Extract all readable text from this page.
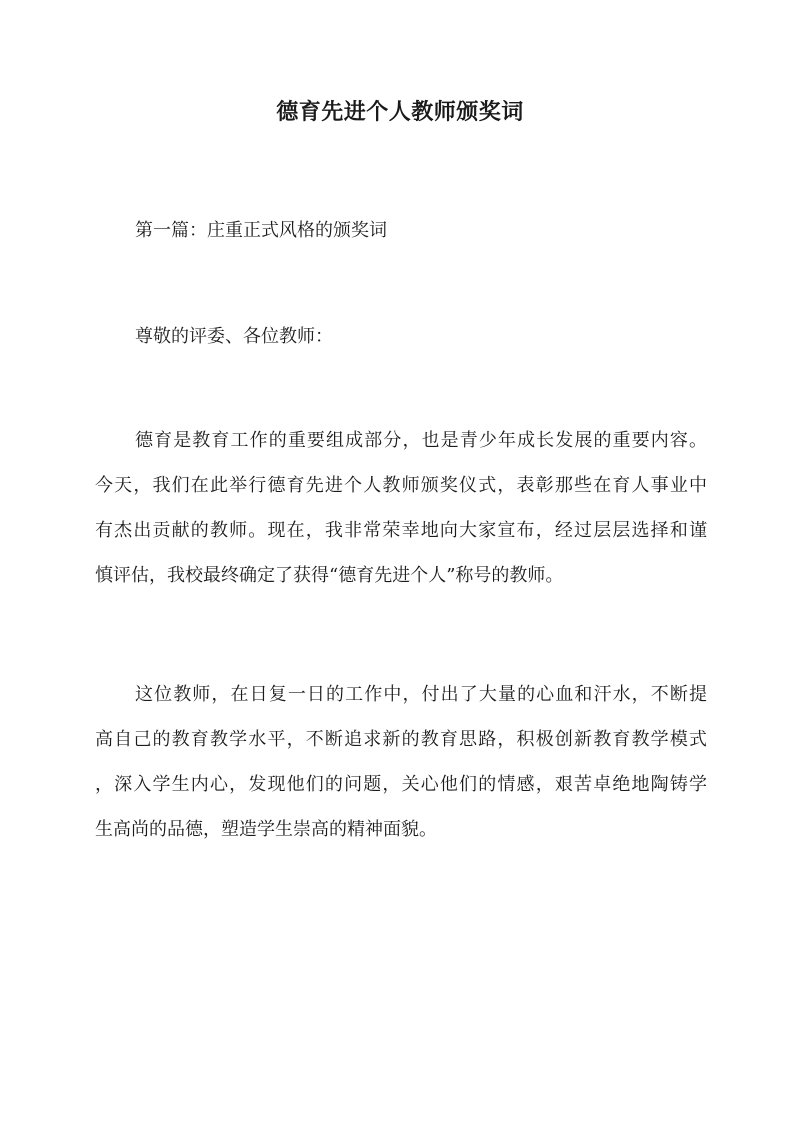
德育先进个人教师颁奖词

第一篇：庄重正式风格的颁奖词

尊敬的评委、各位教师：

德育是教育工作的重要组成部分，也是青少年成长发展的重要内容。
今天，我们在此举行德育先进个人教师颁奖仪式，表彰那些在育人事业中
有杰出贡献的教师。现在，我非常荣幸地向大家宣布，经过层层选择和谨
慎评估，我校最终确定了获得“德育先进个人”称号的教师。

这位教师，在日复一日的工作中，付出了大量的心血和汗水，不断提
高自己的教育教学水平，不断追求新的教育思路，积极创新教育教学模式
，深入学生内心，发现他们的问题，关心他们的情感，艰苦卓绝地陶铸学
生高尚的品德，塑造学生崇高的精神面貌。
